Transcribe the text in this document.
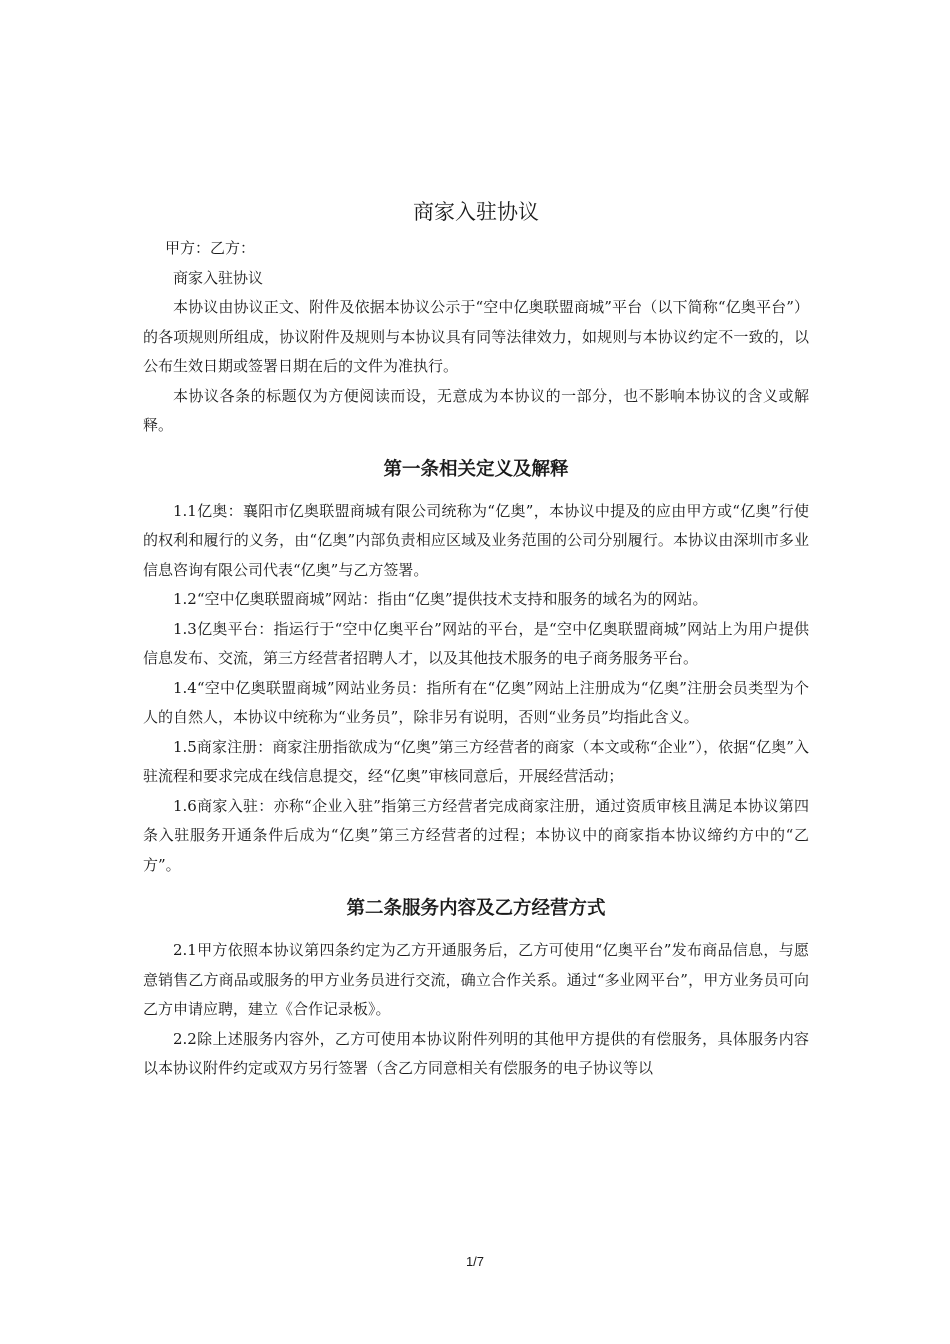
商家入驻协议

甲方：乙方：

商家入驻协议

本协议由协议正文、附件及依据本协议公示于“空中亿奥联盟商城”平台（以下简称“亿奥平台”）的各项规则所组成，协议附件及规则与本协议具有同等法律效力，如规则与本协议约定不一致的，以公布生效日期或签署日期在后的文件为准执行。

本协议各条的标题仅为方便阅读而设，无意成为本协议的一部分，也不影响本协议的含义或解释。

第一条相关定义及解释

1.1亿奥：襄阳市亿奥联盟商城有限公司统称为“亿奥”，本协议中提及的应由甲方或“亿奥”行使的权利和履行的义务，由“亿奥”内部负责相应区域及业务范围的公司分别履行。本协议由深圳市多业信息咨询有限公司代表“亿奥”与乙方签署。

1.2“空中亿奥联盟商城”网站：指由“亿奥”提供技术支持和服务的域名为的网站。

1.3亿奥平台：指运行于“空中亿奥平台”网站的平台，是“空中亿奥联盟商城”网站上为用户提供信息发布、交流，第三方经营者招聘人才，以及其他技术服务的电子商务服务平台。

1.4“空中亿奥联盟商城”网站业务员：指所有在“亿奥”网站上注册成为“亿奥”注册会员类型为个人的自然人，本协议中统称为“业务员”，除非另有说明，否则“业务员”均指此含义。

1.5商家注册：商家注册指欲成为“亿奥”第三方经营者的商家（本文或称“企业”），依据“亿奥”入驻流程和要求完成在线信息提交，经“亿奥”审核同意后，开展经营活动；

1.6商家入驻：亦称“企业入驻”指第三方经营者完成商家注册，通过资质审核且满足本协议第四条入驻服务开通条件后成为“亿奥”第三方经营者的过程；本协议中的商家指本协议缔约方中的“乙方”。

第二条服务内容及乙方经营方式

2.1甲方依照本协议第四条约定为乙方开通服务后，乙方可使用“亿奥平台”发布商品信息，与愿意销售乙方商品或服务的甲方业务员进行交流，确立合作关系。通过“多业网平台”，甲方业务员可向乙方申请应聘，建立《合作记录板》。

2.2除上述服务内容外，乙方可使用本协议附件列明的其他甲方提供的有偿服务，具体服务内容以本协议附件约定或双方另行签署（含乙方同意相关有偿服务的电子协议等以

1/7
